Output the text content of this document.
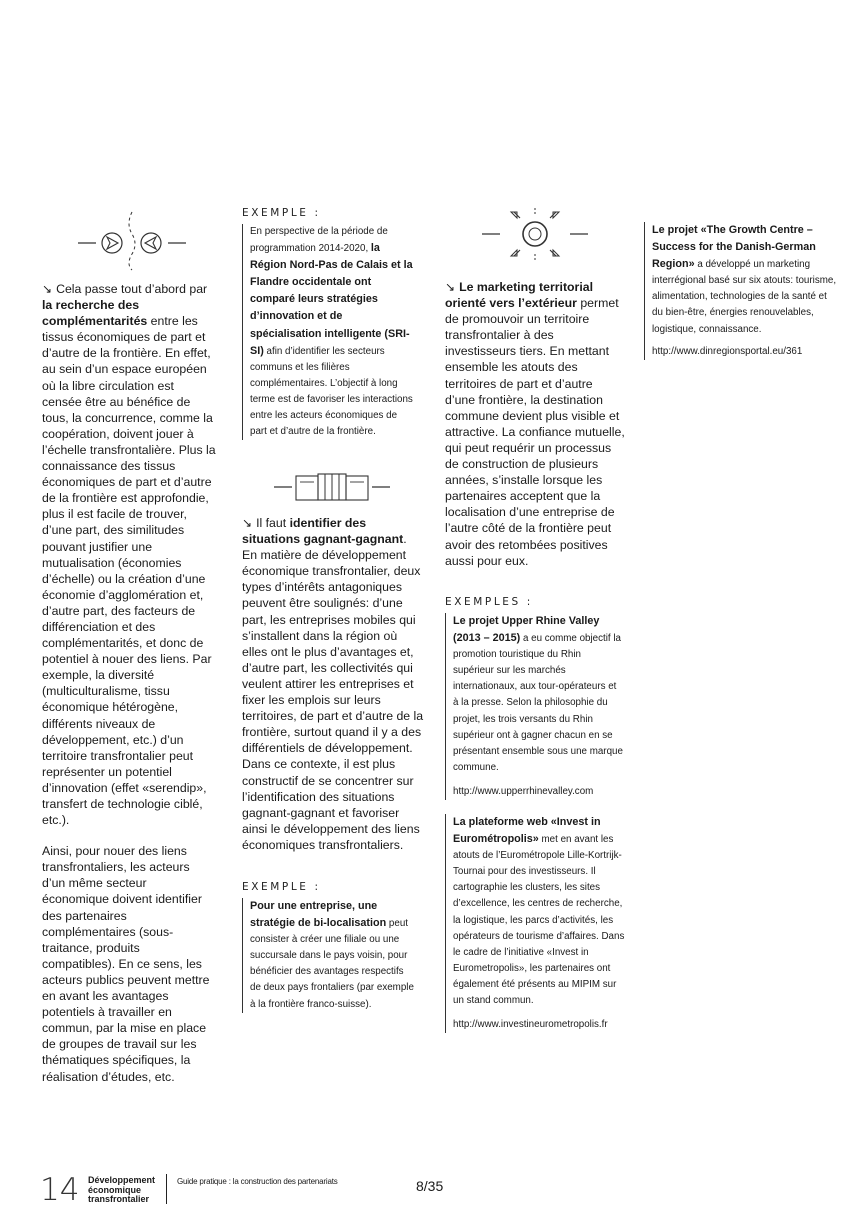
↘ Cela passe tout d’abord par la recherche des complémentarités entre les tissus économiques de part et d’autre de la frontière. En effet, au sein d’un espace européen où la libre circulation est censée être au bénéfice de tous, la concurrence, comme la coopération, doivent jouer à l’échelle transfrontalière. Plus la connaissance des tissus économiques de part et d’autre de la frontière est approfondie, plus il est facile de trouver, d’une part, des similitudes pouvant justifier une mutualisation (économies d’échelle) ou la création d’une économie d’agglomération et, d’autre part, des facteurs de différenciation et des complémentarités, et donc de potentiel à nouer des liens. Par exemple, la diversité (multiculturalisme, tissu économique hétérogène, différents niveaux de développement, etc.) d’un territoire transfrontalier peut représenter un potentiel d’innovation (effet «serendip», transfert de technologie ciblé, etc.).

Ainsi, pour nouer des liens transfrontaliers, les acteurs d’un même secteur économique doivent identifier des partenaires complémentaires (sous-traitance, produits compatibles). En ce sens, les acteurs publics peuvent mettre en avant les avantages potentiels à travailler en commun, par la mise en place de groupes de travail sur les thématiques spécifiques, la réalisation d’études, etc.

EXEMPLE :

En perspective de la période de programmation 2014-2020, la Région Nord-Pas de Calais et la Flandre occidentale ont comparé leurs stratégies d’innovation et de spécialisation intelligente (SRI-SI) afin d’identifier les secteurs communs et les filières complémentaires. L’objectif à long terme est de favoriser les interactions entre les acteurs économiques de part et d’autre de la frontière.

↘ Il faut identifier des situations gagnant-gagnant. En matière de développement économique transfrontalier, deux types d’intérêts antagoniques peuvent être soulignés: d’une part, les entreprises mobiles qui s’installent dans la région où elles ont le plus d’avantages et, d’autre part, les collectivités qui veulent attirer les entreprises et fixer les emplois sur leurs territoires, de part et d’autre de la frontière, surtout quand il y a des différentiels de développement. Dans ce contexte, il est plus constructif de se concentrer sur l’identification des situations gagnant-gagnant et favoriser ainsi le développement des liens économiques transfrontaliers.

EXEMPLE :

Pour une entreprise, une stratégie de bi-localisation peut consister à créer une filiale ou une succursale dans le pays voisin, pour bénéficier des avantages respectifs de deux pays frontaliers (par exemple à la frontière franco-suisse).

↘ Le marketing territorial orienté vers l’extérieur permet de promouvoir un territoire transfrontalier à des investisseurs tiers. En mettant ensemble les atouts des territoires de part et d’autre d’une frontière, la destination commune devient plus visible et attractive. La confiance mutuelle, qui peut requérir un processus de construction de plusieurs années, s’installe lorsque les partenaires acceptent que la localisation d’une entreprise de l’autre côté de la frontière peut avoir des retombées positives aussi pour eux.

EXEMPLES :

Le projet Upper Rhine Valley (2013 – 2015) a eu comme objectif la promotion touristique du Rhin supérieur sur les marchés internationaux, aux tour-opérateurs et à la presse. Selon la philosophie du projet, les trois versants du Rhin supérieur ont à gagner chacun en se présentant ensemble sous une marque commune.

http://www.upperrhinevalley.com

La plateforme web «Invest in Eurométropolis» met en avant les atouts de l’Eurométropole Lille-Kortrijk-Tournai pour des investisseurs. Il cartographie les clusters, les sites d’excellence, les centres de recherche, la logistique, les parcs d’activités, les opérateurs de tourisme d’affaires. Dans le cadre de l’initiative «Invest in Eurometropolis», les partenaires ont également été présents au MIPIM sur un stand commun.

http://www.investineurometropolis.fr

Le projet «The Growth Centre – Success for the Danish-German Region» a développé un marketing interrégional basé sur six atouts: tourisme, alimentation, technologies de la santé et du bien-être, énergies renouvelables, logistique, connaissance.

http://www.dinregionsportal.eu/361

14 Développement
économique
transfrontalier
Guide pratique : la construction des partenariats	8/35
